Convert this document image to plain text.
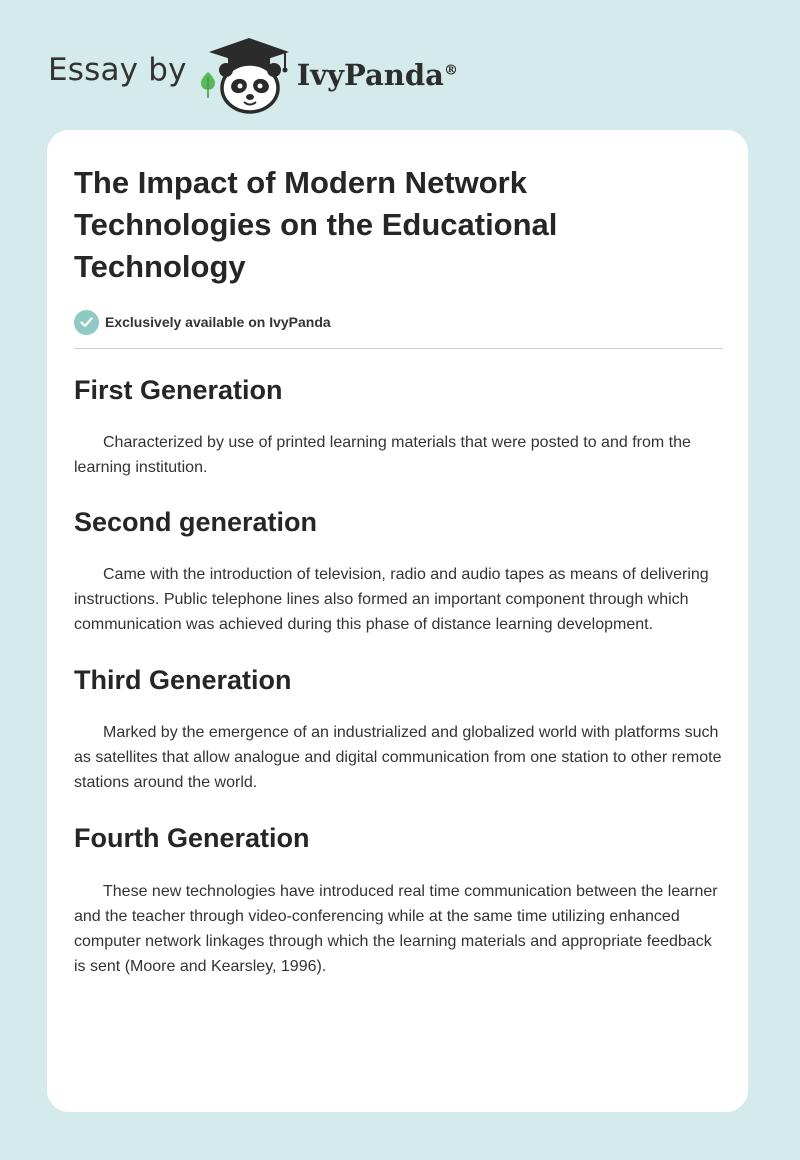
Essay by	IvyPanda®
The Impact of Modern Network Technologies on the Educational Technology
Exclusively available on IvyPanda
First Generation

Characterized by use of printed learning materials that were posted to and from the learning institution.

Second generation

Came with the introduction of television, radio and audio tapes as means of delivering instructions. Public telephone lines also formed an important component through which communication was achieved during this phase of distance learning development.

Third Generation

Marked by the emergence of an industrialized and globalized world with platforms such as satellites that allow analogue and digital communication from one station to other remote stations around the world.

Fourth Generation

These new technologies have introduced real time communication between the learner and the teacher through video-conferencing while at the same time utilizing enhanced computer network linkages through which the learning materials and appropriate feedback is sent (Moore and Kearsley, 1996).
